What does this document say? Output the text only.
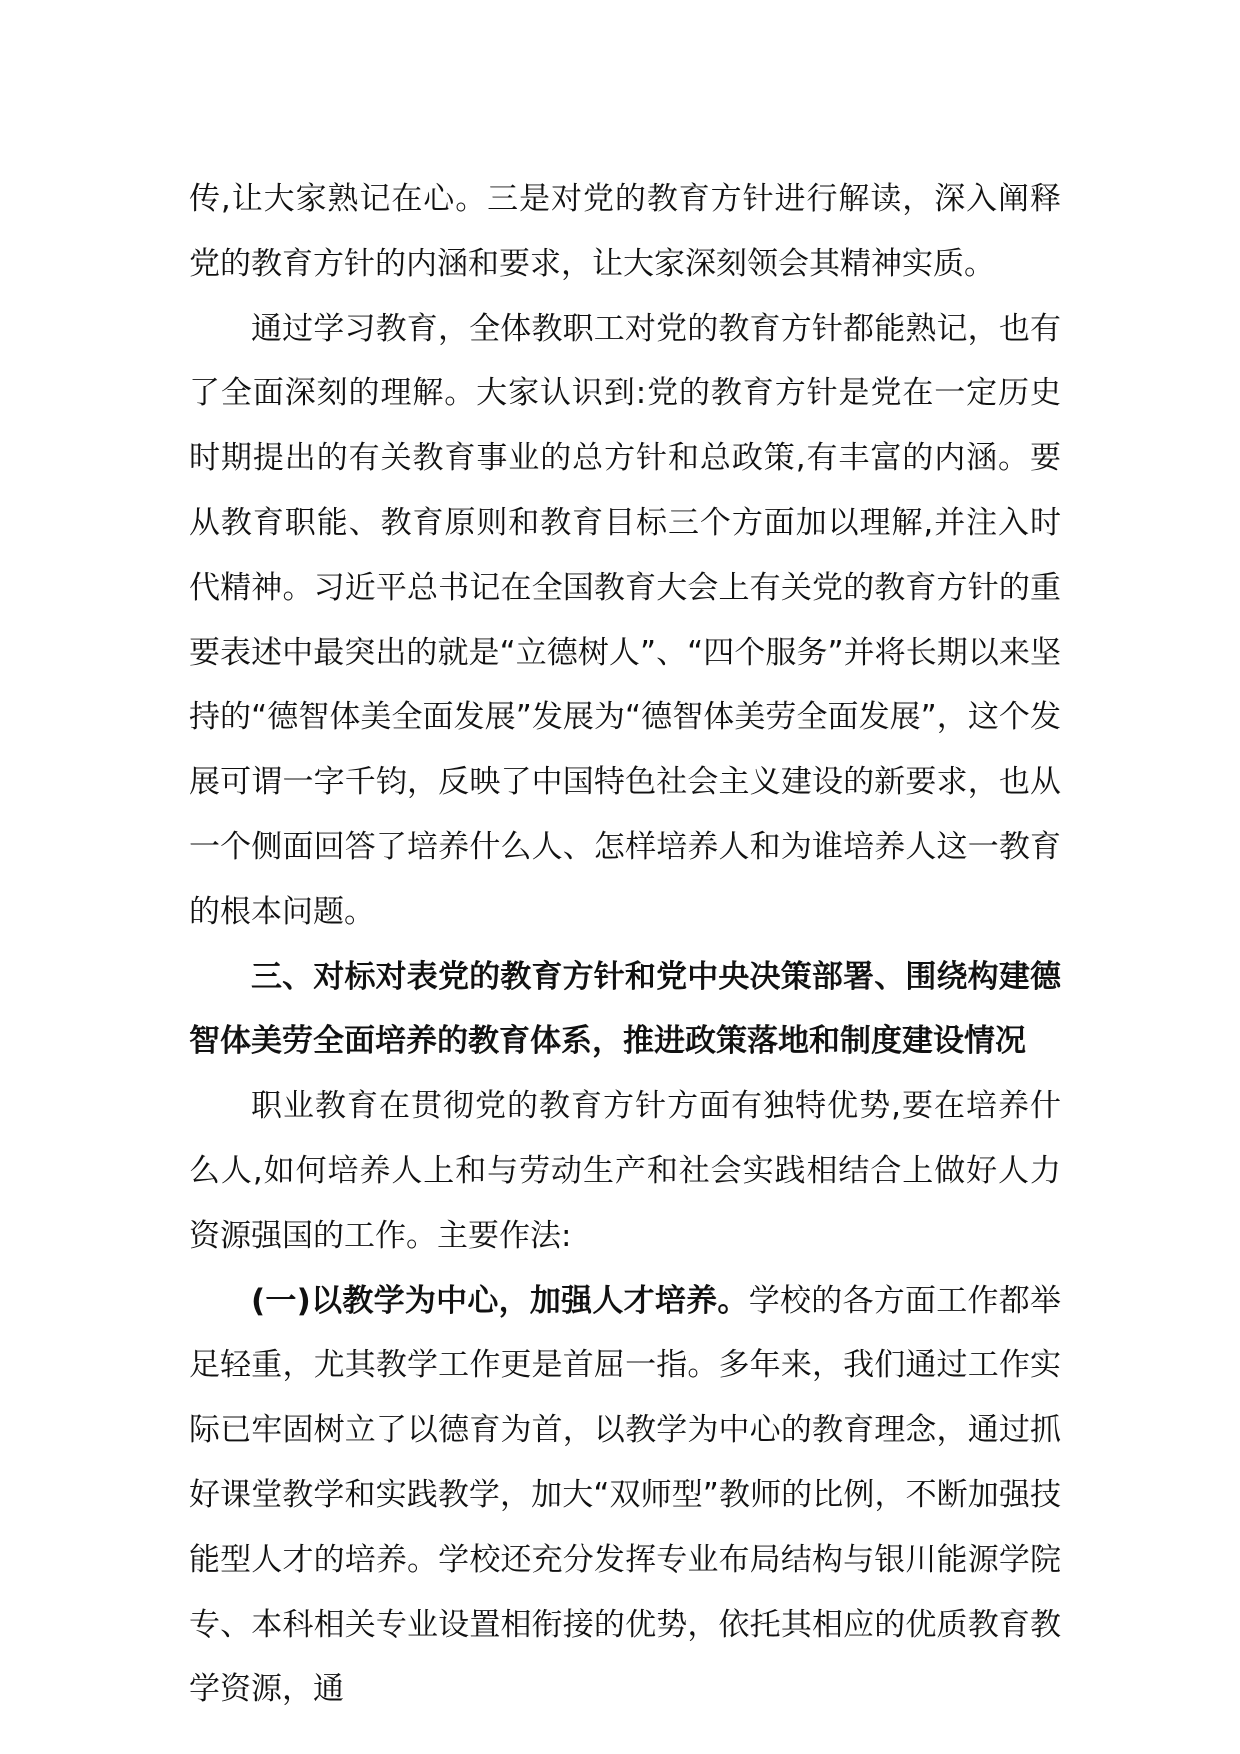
传,让大家熟记在心。三是对党的教育方针进行解读，深入阐释党的教育方针的内涵和要求，让大家深刻领会其精神实质。

通过学习教育，全体教职工对党的教育方针都能熟记，也有了全面深刻的理解。大家认识到:党的教育方针是党在一定历史时期提出的有关教育事业的总方针和总政策,有丰富的内涵。要从教育职能、教育原则和教育目标三个方面加以理解,并注入时代精神。习近平总书记在全国教育大会上有关党的教育方针的重要表述中最突出的就是“立德树人”、“四个服务”并将长期以来坚持的“德智体美全面发展”发展为“德智体美劳全面发展”，这个发展可谓一字千钧，反映了中国特色社会主义建设的新要求，也从一个侧面回答了培养什么人、怎样培养人和为谁培养人这一教育的根本问题。

三、对标对表党的教育方针和党中央决策部署、围绕构建德智体美劳全面培养的教育体系，推进政策落地和制度建设情况

职业教育在贯彻党的教育方针方面有独特优势,要在培养什么人,如何培养人上和与劳动生产和社会实践相结合上做好人力资源强国的工作。主要作法:

(一)以教学为中心，加强人才培养。学校的各方面工作都举足轻重，尤其教学工作更是首屈一指。多年来，我们通过工作实际已牢固树立了以德育为首，以教学为中心的教育理念，通过抓好课堂教学和实践教学，加大“双师型”教师的比例，不断加强技能型人才的培养。学校还充分发挥专业布局结构与银川能源学院专、本科相关专业设置相衔接的优势，依托其相应的优质教育教学资源，通
